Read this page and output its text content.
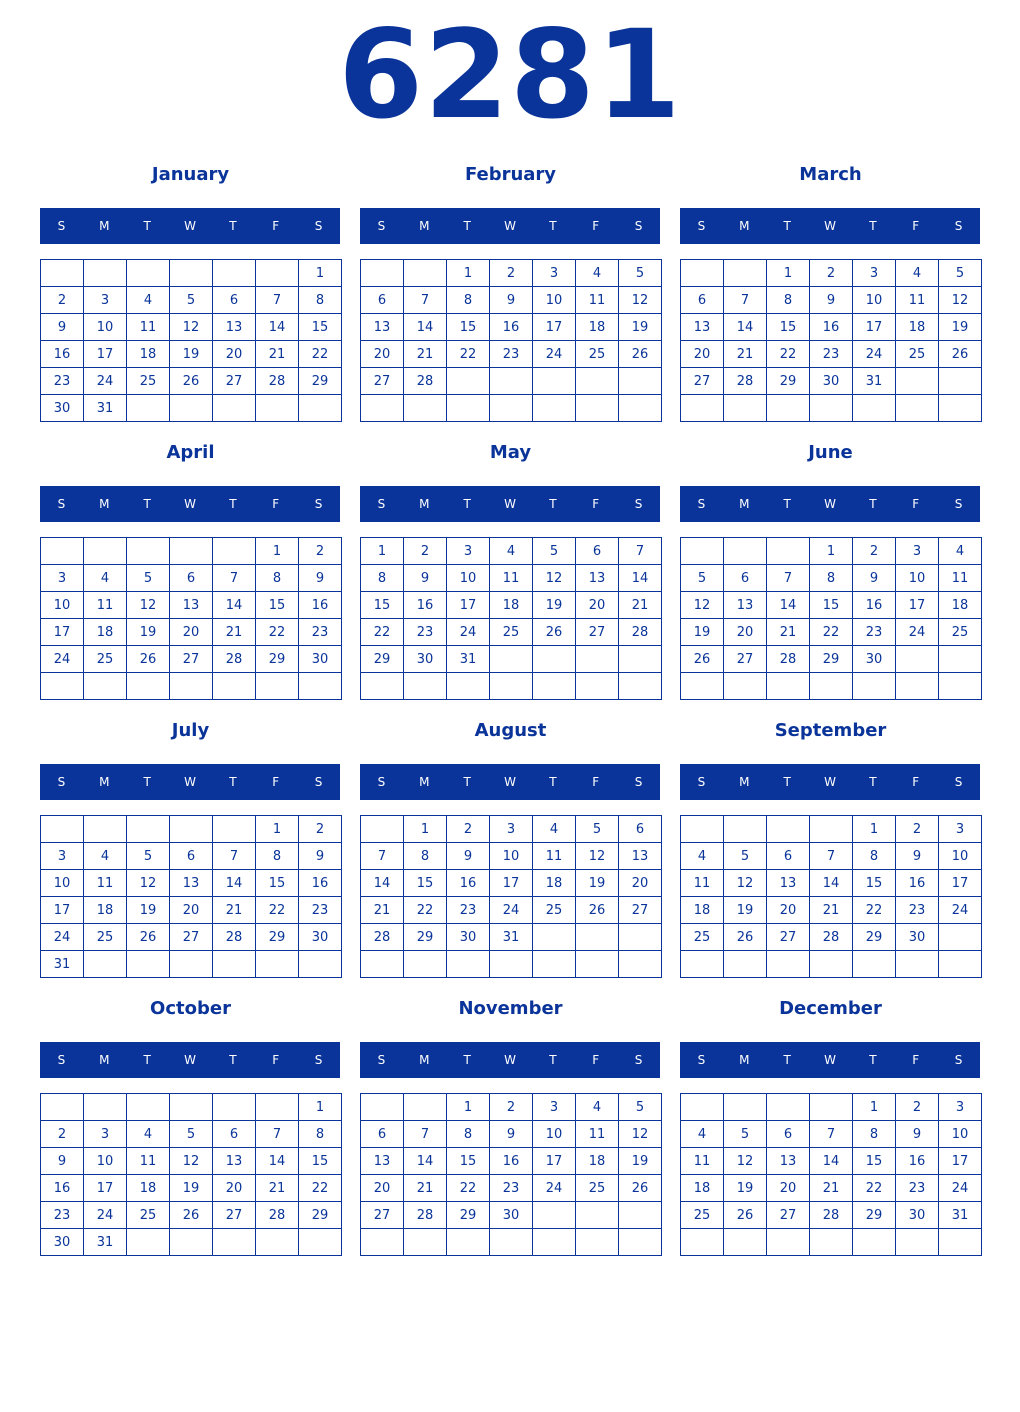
6281
January
S	M	T	W	T	F	S
						1
2	3	4	5	6	7	8
9	10	11	12	13	14	15
16	17	18	19	20	21	22
23	24	25	26	27	28	29
30	31					
February
S	M	T	W	T	F	S
		1	2	3	4	5
6	7	8	9	10	11	12
13	14	15	16	17	18	19
20	21	22	23	24	25	26
27	28					

March
S	M	T	W	T	F	S
		1	2	3	4	5
6	7	8	9	10	11	12
13	14	15	16	17	18	19
20	21	22	23	24	25	26
27	28	29	30	31		

April
S	M	T	W	T	F	S
					1	2
3	4	5	6	7	8	9
10	11	12	13	14	15	16
17	18	19	20	21	22	23
24	25	26	27	28	29	30

May
S	M	T	W	T	F	S
1	2	3	4	5	6	7
8	9	10	11	12	13	14
15	16	17	18	19	20	21
22	23	24	25	26	27	28
29	30	31				

June
S	M	T	W	T	F	S
			1	2	3	4
5	6	7	8	9	10	11
12	13	14	15	16	17	18
19	20	21	22	23	24	25
26	27	28	29	30		

July
S	M	T	W	T	F	S
					1	2
3	4	5	6	7	8	9
10	11	12	13	14	15	16
17	18	19	20	21	22	23
24	25	26	27	28	29	30
31						
August
S	M	T	W	T	F	S
	1	2	3	4	5	6
7	8	9	10	11	12	13
14	15	16	17	18	19	20
21	22	23	24	25	26	27
28	29	30	31			

September
S	M	T	W	T	F	S
				1	2	3
4	5	6	7	8	9	10
11	12	13	14	15	16	17
18	19	20	21	22	23	24
25	26	27	28	29	30	

October
S	M	T	W	T	F	S
						1
2	3	4	5	6	7	8
9	10	11	12	13	14	15
16	17	18	19	20	21	22
23	24	25	26	27	28	29
30	31					
November
S	M	T	W	T	F	S
		1	2	3	4	5
6	7	8	9	10	11	12
13	14	15	16	17	18	19
20	21	22	23	24	25	26
27	28	29	30			

December
S	M	T	W	T	F	S
				1	2	3
4	5	6	7	8	9	10
11	12	13	14	15	16	17
18	19	20	21	22	23	24
25	26	27	28	29	30	31
